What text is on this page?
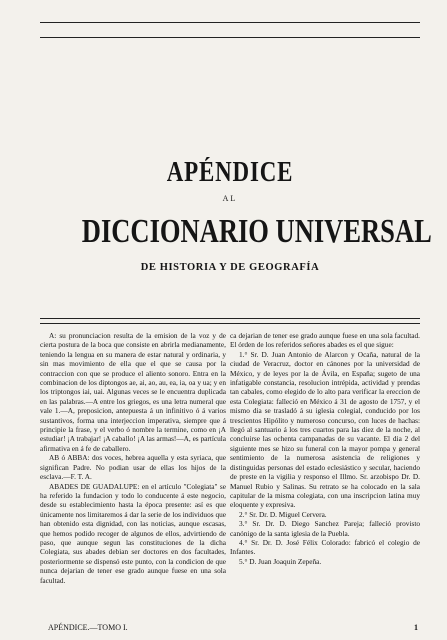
APÉNDICE
AL
DICCIONARIO UNIVERSAL
DE HISTORIA Y DE GEOGRAFÍA

A: su pronunciacion resulta de la emision de la voz y de cierta postura de la boca que consiste en abrirla medianamente, teniendo la lengua en su manera de estar natural y ordinaria, y sin mas movimiento de ella que el que se causa por la contraccion con que se produce el aliento sonoro. Entra en la combinacion de los diptongos ae, ai, ao, au, ea, ia, oa y ua; y en los triptongos iai, uai. Algunas veces se le encuentra duplicada en las palabras.—A entre los griegos, es una letra numeral que vale 1.—A, preposicion, antepuesta á un infinitivo ó á varios sustantivos, forma una interjeccion imperativa, siempre que á principie la frase, y el verbo ó nombre la termine, como en ¡A estudiar! ¡A trabajar! ¡A caballo! ¡A las armas!—A, es partícula afirmativa en á fe de caballero.

AB ó ABBA: dos voces, hebrea aquella y esta syriaca, que significan Padre. No podian usar de ellas los hijos de la esclava.—F. T. A.

ABADES DE GUADALUPE: en el artículo "Colegiata" se ha referido la fundacion y todo lo conducente á este negocio, desde su establecimiento hasta la época presente: así es que únicamente nos limitaremos á dar la serie de los individuos que han obtenido esta dignidad, con las noticias, aunque escasas, que hemos podido recoger de algunos de ellos, advirtiendo de paso, que aunque segun las constituciones de la dicha Colegiata, sus abades debian ser doctores en dos facultades, posteriormente se dispensó este punto, con la condicion de que nunca dejarian de tener ese grado aunque fuese en una sola facultad.

ca dejarian de tener ese grado aunque fuese en una sola facultad. El órden de los referidos señores abades es el que sigue:

1.° Sr. D. Juan Antonio de Alarcon y Ocaña, natural de la ciudad de Veracruz, doctor en cánones por la universidad de México, y de leyes por la de Ávila, en España; sugeto de una infatigable constancia, resolucion intrépida, actividad y prendas tan cabales, como elegido de lo alto para verificar la ereccion de esta Colegiata: falleció en México á 31 de agosto de 1757, y el mismo dia se trasladó á su iglesia colegial, conducido por los trescientos Hipólito y numeroso concurso, con luces de hachas: llegó al santuario á los tres cuartos para las diez de la noche, al concluirse las ochenta campanadas de su vacante. El dia 2 del siguiente mes se hizo su funeral con la mayor pompa y general sentimiento de la numerosa asistencia de religiones y distinguidas personas del estado eclesiástico y secular, haciendo de preste en la vigilia y responso el Illmo. Sr. arzobispo Dr. D. Manuel Rubio y Salinas. Su retrato se ha colocado en la sala capitular de la misma colegiata, con una inscripcion latina muy eloquente y expresiva.

2.° Sr. Dr. D. Miguel Cervera.

3.° Sr. Dr. D. Diego Sanchez Pareja; falleció provisto canónigo de la santa iglesia de la Puebla.

4.° Sr. Dr. D. José Félix Colorado: fabricó el colegio de Infantes.

5.° D. Juan Joaquin Zepeña.

APÉNDICE.—TOMO I.	1
